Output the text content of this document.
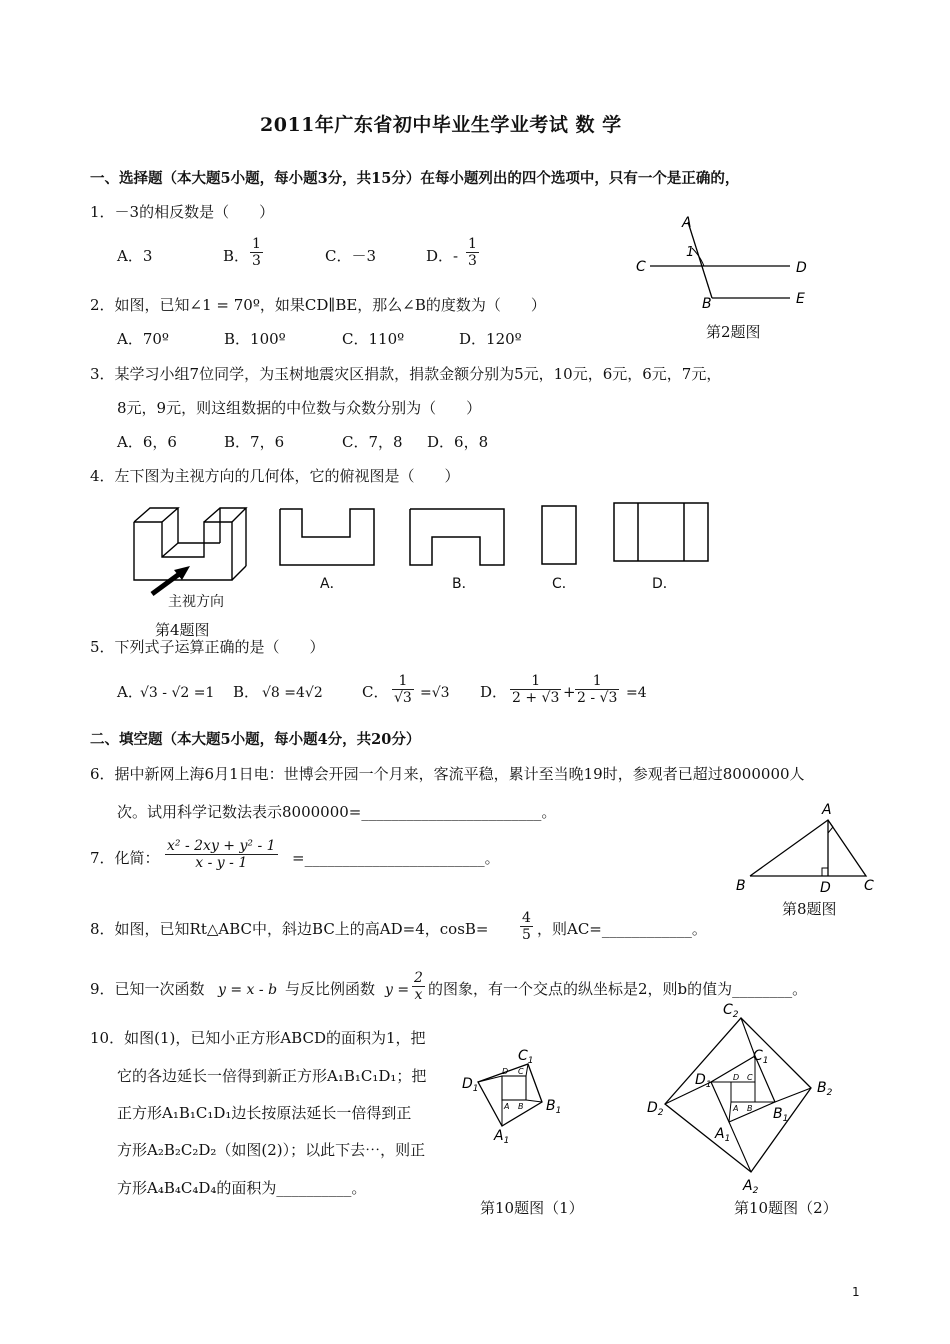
2011年广东省初中毕业生学业考试 数 学
一、选择题（本大题5小题，每小题3分，共15分）在每小题列出的四个选项中，只有一个是正确的，
1．－3的相反数是（　　）
A．3	B． $\frac{1}{3}$	C．－3	D．- $\frac{1}{3}$
A
1
C	D
B	E
第2题图
2．如图，已知∠1 = 70º，如果CD∥BE，那么∠B的度数为（　　）
A．70º	B．100º	C．110º	D．120º
3．某学习小组7位同学，为玉树地震灾区捐款，捐款金额分别为5元，10元，6元，6元，7元，
8元，9元，则这组数据的中位数与众数分别为（　　）
A．6，6	B．7，6	C．7，8 D．6，8
4．左下图为主视方向的几何体，它的俯视图是（　　）
主视方向
第4题图
A．	B．	C．	D．
5．下列式子运算正确的是（　　）
A．
√3 - √2 =1 B． √8 =4√2	C． $\frac{1}{√3} =√3$ D． $\frac{1}{2 + √3} + \frac{1}{2 - √3} =4$
二、填空题（本大题5小题，每小题4分，共20分）
6．据中新网上海6月1日电：世博会开园一个月来，客流平稳，累计至当晚19时，参观者已超过8000000人
次。试用科学记数法表示8000000=________________________。	A
B	D C
第8题图
7．化简： $\frac{\text{x² - 2xy + y² - 1}}{x - y - 1}$ =________________________。
8．如图，已知Rt△ABC中，斜边BC上的高AD=4，$\cos B= \frac{4}{5}$ ，则AC=____________。
9．已知一次函数 y = x - b 与反比例函数 $y = \frac{2}{x}$ 的图象，有一个交点的纵坐标是2，则b的值为________。
10．如图(1)，已知小正方形ABCD的面积为1，把
它的各边延长一倍得到新正方形A₁B₁C₁D₁；把
正方形A₁B₁C₁D₁边长按原法延长一倍得到正
方形A₂B₂C₂D₂（如图(2)）；以此下去⋯，则正
方形A₄B₄C₄D₄的面积为__________。
D C
A B
$C_1$
$D_1$
$B_1$
$A_1$
第10题图（1）
D C
A B
$C_2$
$C_1$
$D_1$
$D_2$
$B_2$
$B_1$
$A_1$
$A_2$
第10题图（2）
1
